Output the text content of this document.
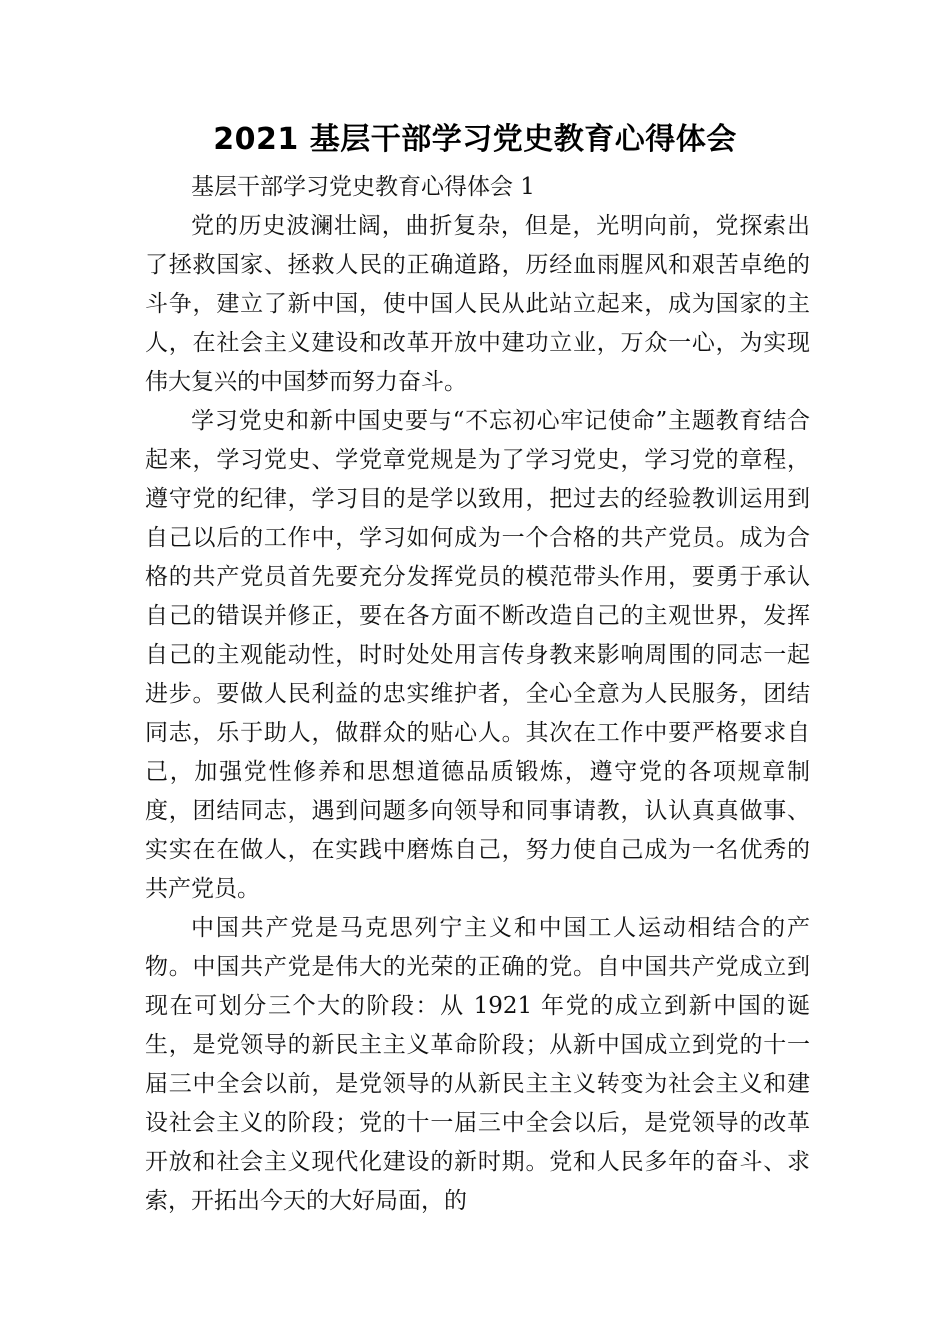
2021 基层干部学习党史教育心得体会

基层干部学习党史教育心得体会 1

党的历史波澜壮阔，曲折复杂，但是，光明向前，党探索出了拯救国家、拯救人民的正确道路，历经血雨腥风和艰苦卓绝的斗争，建立了新中国，使中国人民从此站立起来，成为国家的主人，在社会主义建设和改革开放中建功立业，万众一心，为实现伟大复兴的中国梦而努力奋斗。

学习党史和新中国史要与“不忘初心牢记使命”主题教育结合起来，学习党史、学党章党规是为了学习党史，学习党的章程，遵守党的纪律，学习目的是学以致用，把过去的经验教训运用到自己以后的工作中，学习如何成为一个合格的共产党员。成为合格的共产党员首先要充分发挥党员的模范带头作用，要勇于承认自己的错误并修正，要在各方面不断改造自己的主观世界，发挥自己的主观能动性，时时处处用言传身教来影响周围的同志一起进步。要做人民利益的忠实维护者，全心全意为人民服务，团结同志，乐于助人，做群众的贴心人。其次在工作中要严格要求自己，加强党性修养和思想道德品质锻炼，遵守党的各项规章制度，团结同志，遇到问题多向领导和同事请教，认认真真做事、实实在在做人，在实践中磨炼自己，努力使自己成为一名优秀的共产党员。

中国共产党是马克思列宁主义和中国工人运动相结合的产物。中国共产党是伟大的光荣的正确的党。自中国共产党成立到现在可划分三个大的阶段：从 1921 年党的成立到新中国的诞生，是党领导的新民主主义革命阶段；从新中国成立到党的十一届三中全会以前，是党领导的从新民主主义转变为社会主义和建设社会主义的阶段；党的十一届三中全会以后，是党领导的改革开放和社会主义现代化建设的新时期。党和人民多年的奋斗、求索，开拓出今天的大好局面，的
